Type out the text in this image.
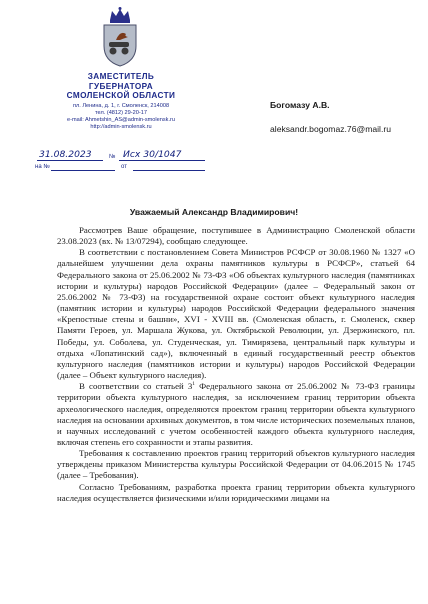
ЗАМЕСТИТЕЛЬ
ГУБЕРНАТОРА
СМОЛЕНСКОЙ ОБЛАСТИ
пл. Ленина, д. 1, г. Смоленск, 214008
тел. (4812) 29-20-17
e-mail: Ahmetshin_AS@admin-smolensk.ru
http://admin-smolensk.ru
31.08.2023	№ Исх 30/1047
на №	от
Богомазу А.В.
aleksandr.bogomaz.76@mail.ru
Уважаемый Александр Владимирович!

Рассмотрев Ваше обращение, поступившее в Администрацию Смоленской области 23.08.2023 (вх. № 13/07294), сообщаю следующее.

В соответствии с постановлением Совета Министров РСФСР от 30.08.1960 № 1327 «О дальнейшем улучшении дела охраны памятников культуры в РСФСР», статьей 64 Федерального закона от 25.06.2002 № 73-ФЗ «Об объектах культурного наследия (памятниках истории и культуры) народов Российской Федерации» (далее – Федеральный закон от 25.06.2002 № 73-ФЗ) на государственной охране состоит объект культурного наследия (памятник истории и культуры) народов Российской Федерации федерального значения «Крепостные стены и башни», XVI - XVIII вв. (Смоленская область, г. Смоленск, сквер Памяти Героев, ул. Маршала Жукова, ул. Октябрьской Революции, ул. Дзержинского, пл. Победы, ул. Соболева, ул. Студенческая, ул. Тимирязева, центральный парк культуры и отдыха «Лопатинский сад»), включенный в единый государственный реестр объектов культурного наследия (памятников истории и культуры) народов Российской Федерации (далее – Объект культурного наследия).

В соответствии со статьей $3^1$ Федерального закона от 25.06.2002 № 73-ФЗ границы территории объекта культурного наследия, за исключением границ территории объекта археологического наследия, определяются проектом границ территории объекта культурного наследия на основании архивных документов, в том числе исторических поземельных планов, и научных исследований с учетом особенностей каждого объекта культурного наследия, включая степень его сохранности и этапы развития.

Требования к составлению проектов границ территорий объектов культурного наследия утверждены приказом Министерства культуры Российской Федерации от 04.06.2015 № 1745 (далее – Требования).

Согласно Требованиям, разработка проекта границ территории объекта культурного наследия осуществляется физическими и/или юридическими лицами на
